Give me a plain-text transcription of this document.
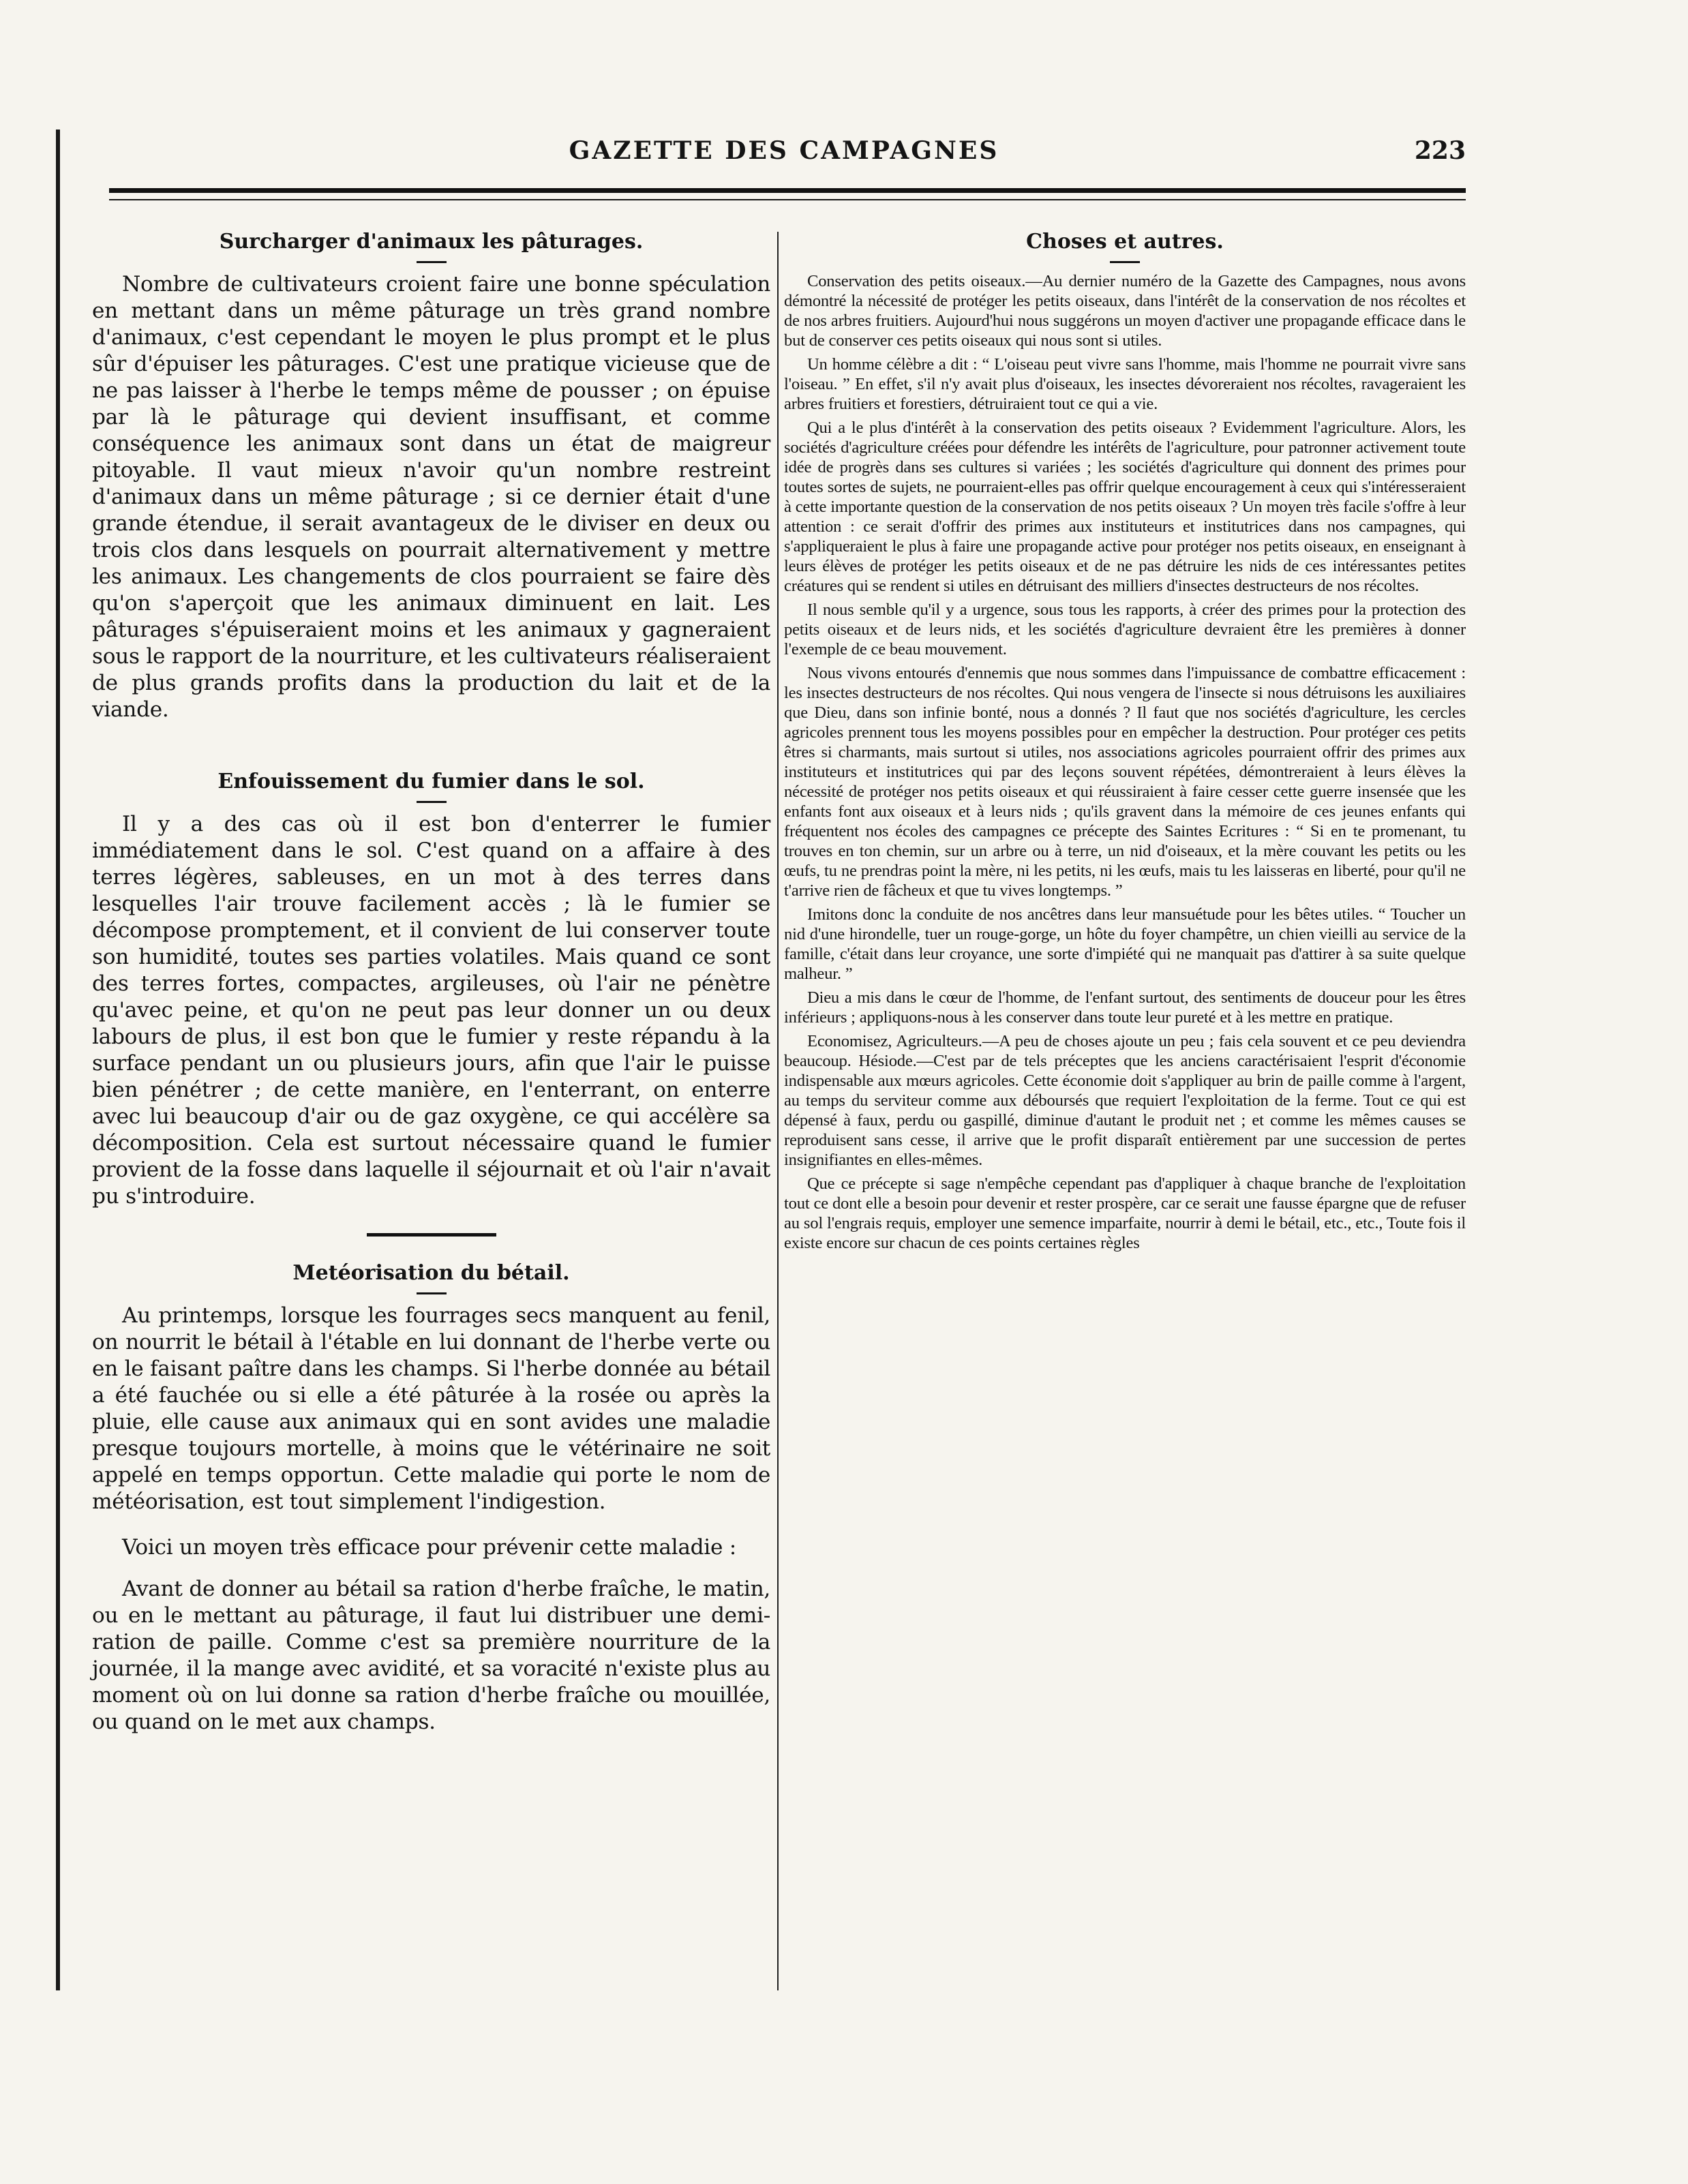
GAZETTE DES CAMPAGNES	223
Surcharger d'animaux les pâturages.

Nombre de cultivateurs croient faire une bonne spéculation en mettant dans un même pâturage un très grand nombre d'animaux, c'est cependant le moyen le plus prompt et le plus sûr d'épuiser les pâturages. C'est une pratique vicieuse que de ne pas laisser à l'herbe le temps même de pousser ; on épuise par là le pâturage qui devient insuffisant, et comme conséquence les animaux sont dans un état de maigreur pitoyable. Il vaut mieux n'avoir qu'un nombre restreint d'animaux dans un même pâturage ; si ce dernier était d'une grande étendue, il serait avantageux de le diviser en deux ou trois clos dans lesquels on pourrait alternativement y mettre les animaux. Les changements de clos pourraient se faire dès qu'on s'aperçoit que les animaux diminuent en lait. Les pâturages s'épuiseraient moins et les animaux y gagneraient sous le rapport de la nourriture, et les cultivateurs réaliseraient de plus grands profits dans la production du lait et de la viande.

Enfouissement du fumier dans le sol.

Il y a des cas où il est bon d'enterrer le fumier immédiatement dans le sol. C'est quand on a affaire à des terres légères, sableuses, en un mot à des terres dans lesquelles l'air trouve facilement accès ; là le fumier se décompose promptement, et il convient de lui conserver toute son humidité, toutes ses parties volatiles. Mais quand ce sont des terres fortes, compactes, argileuses, où l'air ne pénètre qu'avec peine, et qu'on ne peut pas leur donner un ou deux labours de plus, il est bon que le fumier y reste répandu à la surface pendant un ou plusieurs jours, afin que l'air le puisse bien pénétrer ; de cette manière, en l'enterrant, on enterre avec lui beaucoup d'air ou de gaz oxygène, ce qui accélère sa décomposition. Cela est surtout nécessaire quand le fumier provient de la fosse dans laquelle il séjournait et où l'air n'avait pu s'introduire.

Metéorisation du bétail.

Au printemps, lorsque les fourrages secs manquent au fenil, on nourrit le bétail à l'étable en lui donnant de l'herbe verte ou en le faisant paître dans les champs. Si l'herbe donnée au bétail a été fauchée ou si elle a été pâturée à la rosée ou après la pluie, elle cause aux animaux qui en sont avides une maladie presque toujours mortelle, à moins que le vétérinaire ne soit appelé en temps opportun. Cette maladie qui porte le nom de météorisation, est tout simplement l'indigestion.

Voici un moyen très efficace pour prévenir cette maladie :

Avant de donner au bétail sa ration d'herbe fraîche, le matin, ou en le mettant au pâturage, il faut lui distribuer une demi-ration de paille. Comme c'est sa première nourriture de la journée, il la mange avec avidité, et sa voracité n'existe plus au moment où on lui donne sa ration d'herbe fraîche ou mouillée, ou quand on le met aux champs.

Choses et autres.

Conservation des petits oiseaux.—Au dernier numéro de la Gazette des Campagnes, nous avons démontré la nécessité de protéger les petits oiseaux, dans l'intérêt de la conservation de nos récoltes et de nos arbres fruitiers. Aujourd'hui nous suggérons un moyen d'activer une propagande efficace dans le but de conserver ces petits oiseaux qui nous sont si utiles.

Un homme célèbre a dit : “ L'oiseau peut vivre sans l'homme, mais l'homme ne pourrait vivre sans l'oiseau. ” En effet, s'il n'y avait plus d'oiseaux, les insectes dévoreraient nos récoltes, ravageraient les arbres fruitiers et forestiers, détruiraient tout ce qui a vie.

Qui a le plus d'intérêt à la conservation des petits oiseaux ? Evidemment l'agriculture. Alors, les sociétés d'agriculture créées pour défendre les intérêts de l'agriculture, pour patronner activement toute idée de progrès dans ses cultures si variées ; les sociétés d'agriculture qui donnent des primes pour toutes sortes de sujets, ne pourraient-elles pas offrir quelque encouragement à ceux qui s'intéresseraient à cette importante question de la conservation de nos petits oiseaux ? Un moyen très facile s'offre à leur attention : ce serait d'offrir des primes aux instituteurs et institutrices dans nos campagnes, qui s'appliqueraient le plus à faire une propagande active pour protéger nos petits oiseaux, en enseignant à leurs élèves de protéger les petits oiseaux et de ne pas détruire les nids de ces intéressantes petites créatures qui se rendent si utiles en détruisant des milliers d'insectes destructeurs de nos récoltes.

Il nous semble qu'il y a urgence, sous tous les rapports, à créer des primes pour la protection des petits oiseaux et de leurs nids, et les sociétés d'agriculture devraient être les premières à donner l'exemple de ce beau mouvement.

Nous vivons entourés d'ennemis que nous sommes dans l'impuissance de combattre efficacement : les insectes destructeurs de nos récoltes. Qui nous vengera de l'insecte si nous détruisons les auxiliaires que Dieu, dans son infinie bonté, nous a donnés ? Il faut que nos sociétés d'agriculture, les cercles agricoles prennent tous les moyens possibles pour en empêcher la destruction. Pour protéger ces petits êtres si charmants, mais surtout si utiles, nos associations agricoles pourraient offrir des primes aux instituteurs et institutrices qui par des leçons souvent répétées, démontreraient à leurs élèves la nécessité de protéger nos petits oiseaux et qui réussiraient à faire cesser cette guerre insensée que les enfants font aux oiseaux et à leurs nids ; qu'ils gravent dans la mémoire de ces jeunes enfants qui fréquentent nos écoles des campagnes ce précepte des Saintes Ecritures : “ Si en te promenant, tu trouves en ton chemin, sur un arbre ou à terre, un nid d'oiseaux, et la mère couvant les petits ou les œufs, tu ne prendras point la mère, ni les petits, ni les œufs, mais tu les laisseras en liberté, pour qu'il ne t'arrive rien de fâcheux et que tu vives longtemps. ”

Imitons donc la conduite de nos ancêtres dans leur mansuétude pour les bêtes utiles. “ Toucher un nid d'une hirondelle, tuer un rouge-gorge, un hôte du foyer champêtre, un chien vieilli au service de la famille, c'était dans leur croyance, une sorte d'impiété qui ne manquait pas d'attirer à sa suite quelque malheur. ”

Dieu a mis dans le cœur de l'homme, de l'enfant surtout, des sentiments de douceur pour les êtres inférieurs ; appliquons-nous à les conserver dans toute leur pureté et à les mettre en pratique.

Economisez, Agriculteurs.—A peu de choses ajoute un peu ; fais cela souvent et ce peu deviendra beaucoup. Hésiode.—C'est par de tels préceptes que les anciens caractérisaient l'esprit d'économie indispensable aux mœurs agricoles. Cette économie doit s'appliquer au brin de paille comme à l'argent, au temps du serviteur comme aux déboursés que requiert l'exploitation de la ferme. Tout ce qui est dépensé à faux, perdu ou gaspillé, diminue d'autant le produit net ; et comme les mêmes causes se reproduisent sans cesse, il arrive que le profit disparaît entièrement par une succession de pertes insignifiantes en elles-mêmes.

Que ce précepte si sage n'empêche cependant pas d'appliquer à chaque branche de l'exploitation tout ce dont elle a besoin pour devenir et rester prospère, car ce serait une fausse épargne que de refuser au sol l'engrais requis, employer une semence imparfaite, nourrir à demi le bétail, etc., etc., Toute fois il existe encore sur chacun de ces points certaines règles
